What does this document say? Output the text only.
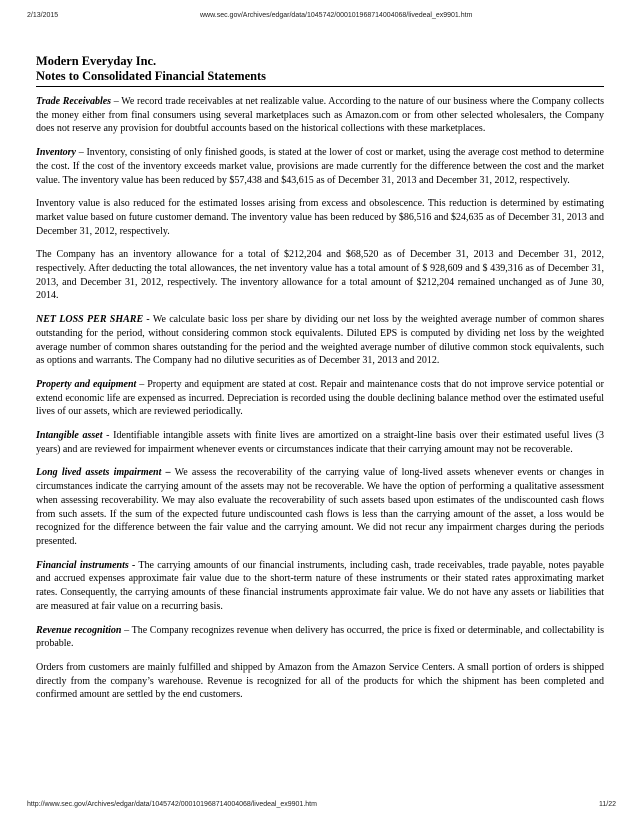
2/13/2015	www.sec.gov/Archives/edgar/data/1045742/000101968714004068/livedeal_ex9901.htm
Modern Everyday Inc.
Notes to Consolidated Financial Statements

Trade Receivables – We record trade receivables at net realizable value. According to the nature of our business where the Company collects the money either from final consumers using several marketplaces such as Amazon.com or from other selected wholesalers, the Company does not reserve any provision for doubtful accounts based on the historical collections with these marketplaces.

Inventory – Inventory, consisting of only finished goods, is stated at the lower of cost or market, using the average cost method to determine the cost. If the cost of the inventory exceeds market value, provisions are made currently for the difference between the cost and the market value. The inventory value has been reduced by $57,438 and $43,615 as of December 31, 2013 and December 31, 2012, respectively.

Inventory value is also reduced for the estimated losses arising from excess and obsolescence. This reduction is determined by estimating market value based on future customer demand. The inventory value has been reduced by $86,516 and $24,635 as of December 31, 2013 and December 31, 2012, respectively.

The Company has an inventory allowance for a total of $212,204 and $68,520 as of December 31, 2013 and December 31, 2012, respectively. After deducting the total allowances, the net inventory value has a total amount of $ 928,609 and $ 439,316 as of December 31, 2013, and December 31, 2012, respectively. The inventory allowance for a total amount of $212,204 remained unchanged as of June 30, 2014.

NET LOSS PER SHARE - We calculate basic loss per share by dividing our net loss by the weighted average number of common shares outstanding for the period, without considering common stock equivalents. Diluted EPS is computed by dividing net loss by the weighted average number of common shares outstanding for the period and the weighted average number of dilutive common stock equivalents, such as options and warrants. The Company had no dilutive securities as of December 31, 2013 and 2012.

Property and equipment – Property and equipment are stated at cost. Repair and maintenance costs that do not improve service potential or extend economic life are expensed as incurred. Depreciation is recorded using the double declining balance method over the estimated useful lives of our assets, which are reviewed periodically.

Intangible asset - Identifiable intangible assets with finite lives are amortized on a straight-line basis over their estimated useful lives (3 years) and are reviewed for impairment whenever events or circumstances indicate that their carrying amount may not be recoverable.

Long lived assets impairment – We assess the recoverability of the carrying value of long-lived assets whenever events or changes in circumstances indicate the carrying amount of the assets may not be recoverable. We have the option of performing a qualitative assessment when assessing recoverability. We may also evaluate the recoverability of such assets based upon estimates of the undiscounted cash flows from such assets. If the sum of the expected future undiscounted cash flows is less than the carrying amount of the asset, a loss would be recognized for the difference between the fair value and the carrying amount. We did not recur any impairment charges during the periods presented.

Financial instruments - The carrying amounts of our financial instruments, including cash, trade receivables, trade payable, notes payable and accrued expenses approximate fair value due to the short-term nature of these instruments or their stated rates approximating market rates. Consequently, the carrying amounts of these financial instruments approximate fair value. We do not have any assets or liabilities that are measured at fair value on a recurring basis.

Revenue recognition – The Company recognizes revenue when delivery has occurred, the price is fixed or determinable, and collectability is probable.

Orders from customers are mainly fulfilled and shipped by Amazon from the Amazon Service Centers. A small portion of orders is shipped directly from the company’s warehouse. Revenue is recognized for all of the products for which the shipment has been completed and confirmed amount are settled by the end customers.

http://www.sec.gov/Archives/edgar/data/1045742/000101968714004068/livedeal_ex9901.htm	11/22
